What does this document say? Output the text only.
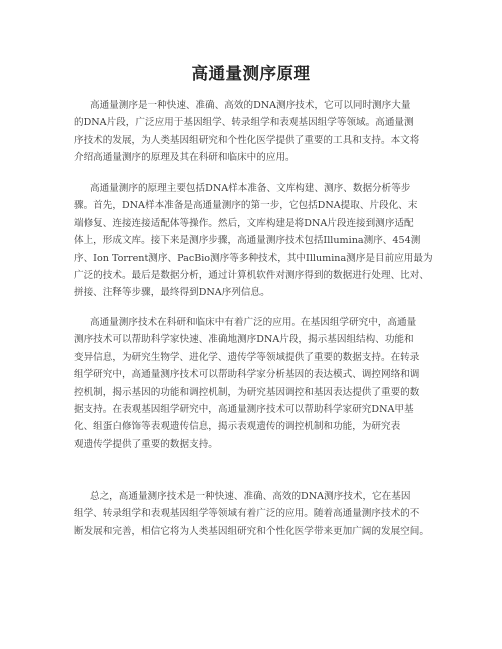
高通量测序原理
高通量测序是一种快速、准确、高效的DNA测序技术，它可以同时测序大量
的DNA片段，广泛应用于基因组学、转录组学和表观基因组学等领域。高通量测
序技术的发展，为人类基因组研究和个性化医学提供了重要的工具和支持。本文将
介绍高通量测序的原理及其在科研和临床中的应用。
高通量测序的原理主要包括DNA样本准备、文库构建、测序、数据分析等步
骤。首先，DNA样本准备是高通量测序的第一步，它包括DNA提取、片段化、末
端修复、连接连接适配体等操作。然后，文库构建是将DNA片段连接到测序适配
体上，形成文库。接下来是测序步骤，高通量测序技术包括Illumina测序、454测
序、Ion Torrent测序、PacBio测序等多种技术，其中Illumina测序是目前应用最为
广泛的技术。最后是数据分析，通过计算机软件对测序得到的数据进行处理、比对、
拼接、注释等步骤，最终得到DNA序列信息。
高通量测序技术在科研和临床中有着广泛的应用。在基因组学研究中，高通量
测序技术可以帮助科学家快速、准确地测序DNA片段，揭示基因组结构、功能和
变异信息，为研究生物学、进化学、遗传学等领域提供了重要的数据支持。在转录
组学研究中，高通量测序技术可以帮助科学家分析基因的表达模式、调控网络和调
控机制，揭示基因的功能和调控机制，为研究基因调控和基因表达提供了重要的数
据支持。在表观基因组学研究中，高通量测序技术可以帮助科学家研究DNA甲基
化、组蛋白修饰等表观遗传信息，揭示表观遗传的调控机制和功能，为研究表
观遗传学提供了重要的数据支持。
总之，高通量测序技术是一种快速、准确、高效的DNA测序技术，它在基因
组学、转录组学和表观基因组学等领域有着广泛的应用。随着高通量测序技术的不
断发展和完善，相信它将为人类基因组研究和个性化医学带来更加广阔的发展空间。
